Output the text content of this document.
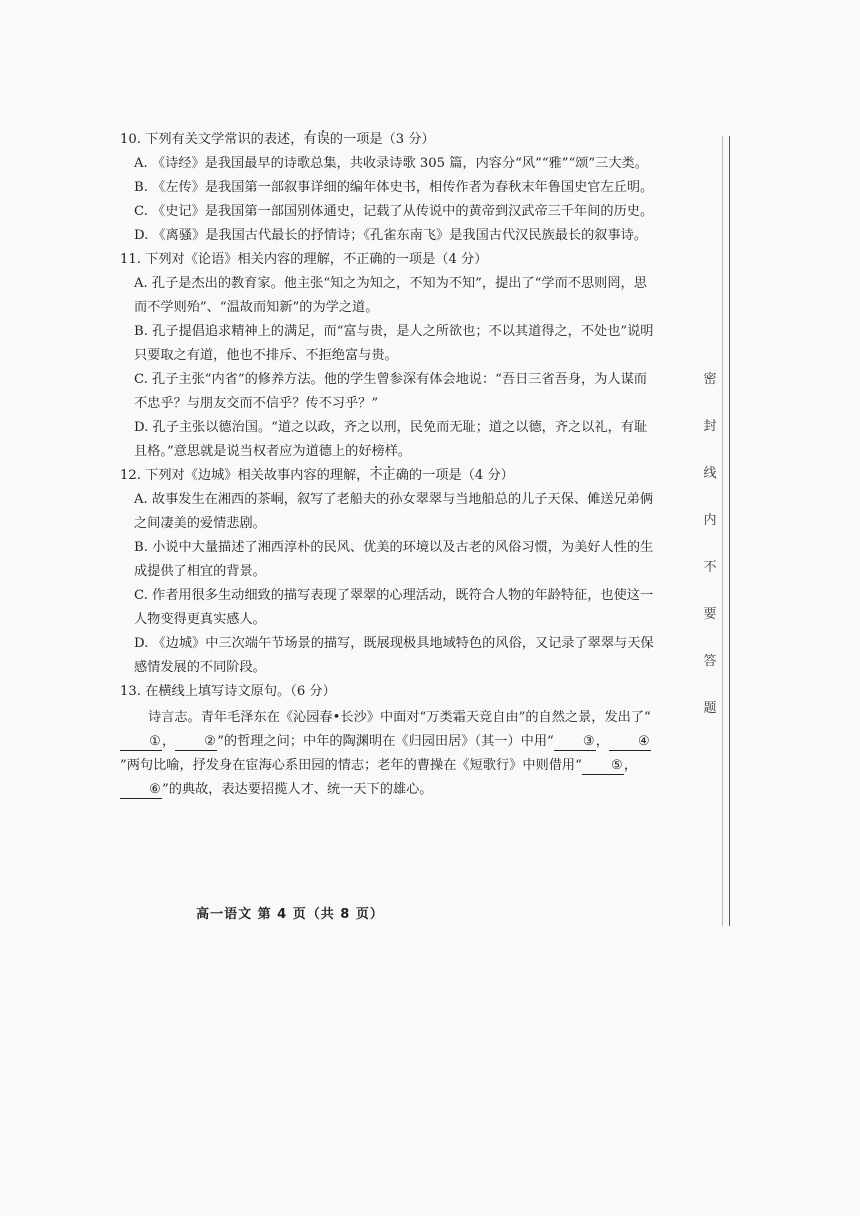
10. 下列有关文学常识的表述，有误的一项是（3 分）
A. 《诗经》是我国最早的诗歌总集，共收录诗歌 305 篇，内容分“风”“雅”“颂”三大类。
B. 《左传》是我国第一部叙事详细的编年体史书，相传作者为春秋末年鲁国史官左丘明。
C. 《史记》是我国第一部国别体通史，记载了从传说中的黄帝到汉武帝三千年间的历史。
D. 《离骚》是我国古代最长的抒情诗；《孔雀东南飞》是我国古代汉民族最长的叙事诗。
11. 下列对《论语》相关内容的理解，不正确的一项是（4 分）
A. 孔子是杰出的教育家。他主张“知之为知之，不知为不知”，提出了“学而不思则罔，思而不学则殆”、“温故而知新”的为学之道。
B. 孔子提倡追求精神上的满足，而“富与贵，是人之所欲也；不以其道得之，不处也”说明只要取之有道，他也不排斥、不拒绝富与贵。
C. 孔子主张“内省”的修养方法。他的学生曾参深有体会地说：“吾日三省吾身，为人谋而不忠乎？与朋友交而不信乎？传不习乎？”
D. 孔子主张以德治国。“道之以政，齐之以刑，民免而无耻；道之以德，齐之以礼，有耻且格。”意思就是说当权者应为道德上的好榜样。
12. 下列对《边城》相关故事内容的理解，不正确的一项是（4 分）
A. 故事发生在湘西的茶峒，叙写了老船夫的孙女翠翠与当地船总的儿子天保、傩送兄弟俩之间凄美的爱情悲剧。
B. 小说中大量描述了湘西淳朴的民风、优美的环境以及古老的风俗习惯，为美好人性的生成提供了相宜的背景。
C. 作者用很多生动细致的描写表现了翠翠的心理活动，既符合人物的年龄特征，也使这一人物变得更真实感人。
D. 《边城》中三次端午节场景的描写，既展现极具地域特色的风俗，又记录了翠翠与天保感情发展的不同阶段。
13. 在横线上填写诗文原句。（6 分）

诗言志。青年毛泽东在《沁园春•长沙》中面对“万类霜天竞自由”的自然之景，发出了“①， ②”的哲理之问；中年的陶渊明在《归园田居》（其一）中用“ ③， ④”两句比喻，抒发身在宦海心系田园的情志；老年的曹操在《短歌行》中则借用“ ⑤，⑥”的典故，表达要招揽人才、统一天下的雄心。

高一语文 第 4 页（共 8 页）
密
封
线
内
不
要
答
题
